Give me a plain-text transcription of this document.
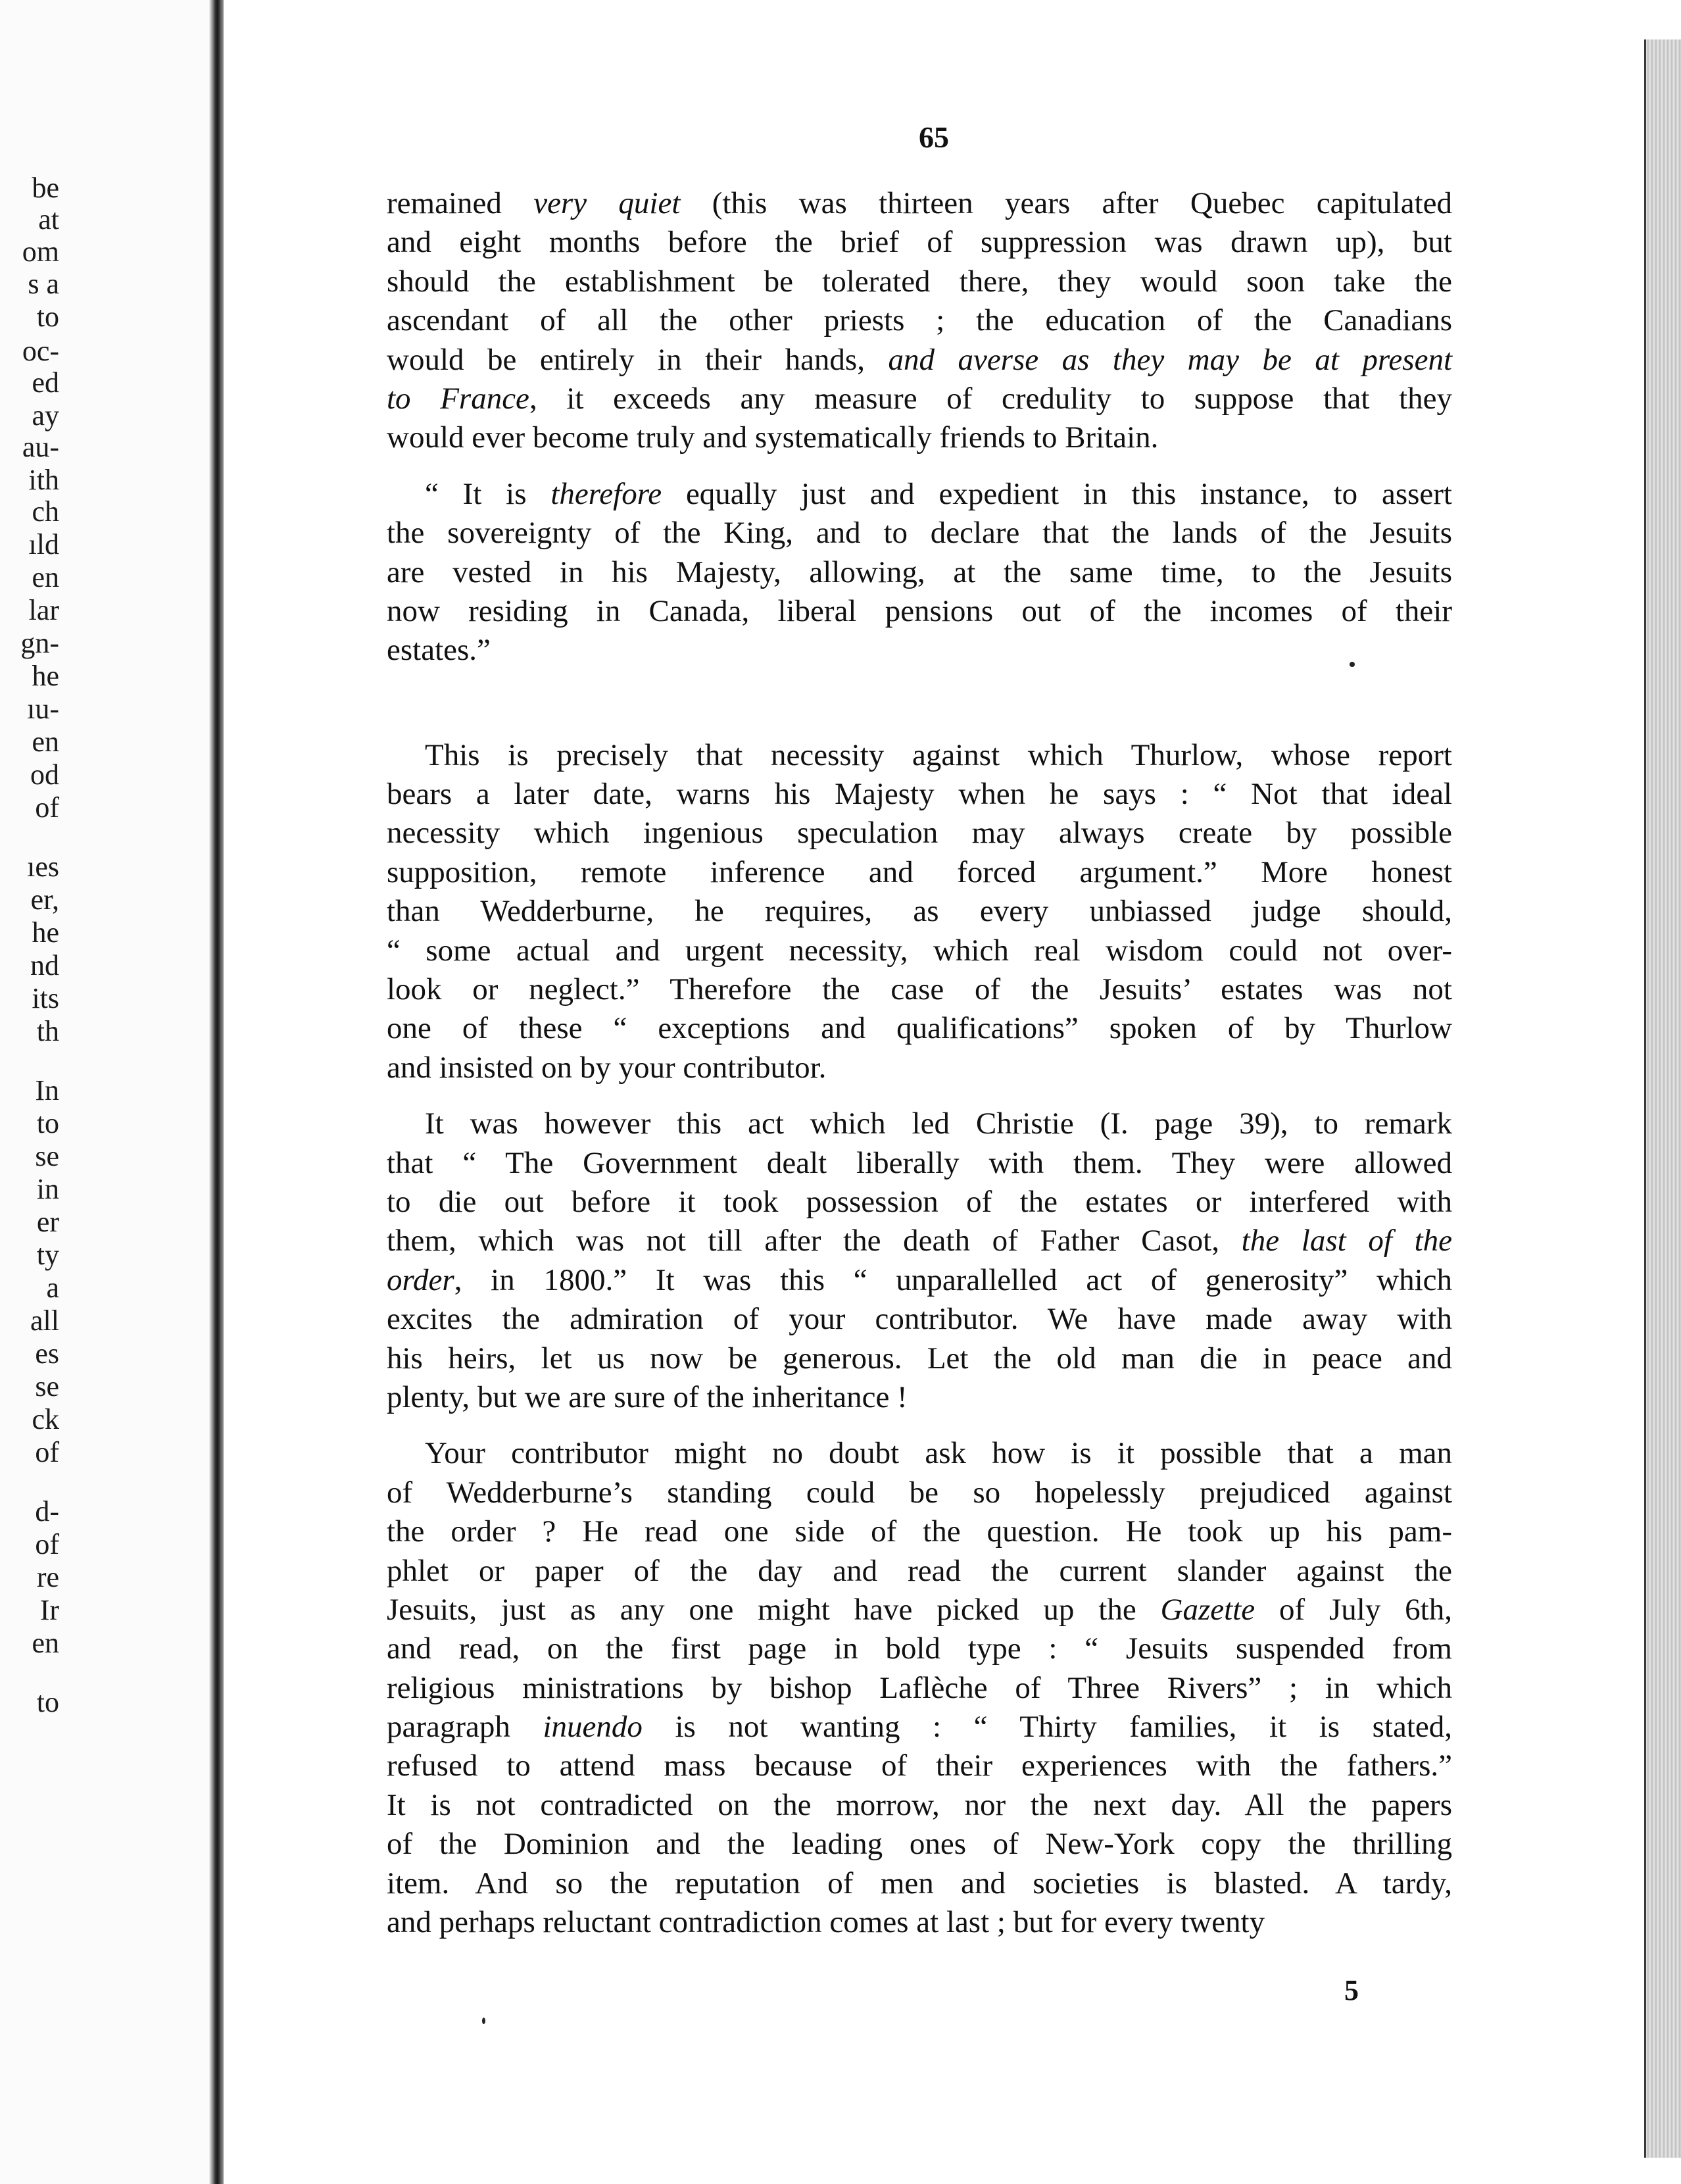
be
at
om
s a
to
oc-
ed
ay
au-
ith
ch
ıld
en
lar
gn-
he
ıu-
en
od
of
ıes
er,
he
nd
its
th
In
to
se
in
er
ty
a
all
es
se
ck
of
d-
of
re
Ir
en
to
65
remained very quiet (this was thirteen years after Quebec capitulated
and eight months before the brief of suppression was drawn up), but
should the establishment be tolerated there, they would soon take the
ascendant of all the other priests ; the education of the Canadians
would be entirely in their hands, and averse as they may be at present
to France, it exceeds any measure of credulity to suppose that they
would ever become truly and systematically friends to Britain.
“ It is therefore equally just and expedient in this instance, to assert
the sovereignty of the King, and to declare that the lands of the Jesuits
are vested in his Majesty, allowing, at the same time, to the Jesuits
now residing in Canada, liberal pensions out of the incomes of their
estates.”
This is precisely that necessity against which Thurlow, whose report
bears a later date, warns his Majesty when he says : “ Not that ideal
necessity which ingenious speculation may always create by possible
supposition, remote inference and forced argument.” More honest
than Wedderburne, he requires, as every unbiassed judge should,
“ some actual and urgent necessity, which real wisdom could not over-
look or neglect.” Therefore the case of the Jesuits’ estates was not
one of these “ exceptions and qualifications” spoken of by Thurlow
and insisted on by your contributor.
It was however this act which led Christie (I. page 39), to remark
that “ The Government dealt liberally with them. They were allowed
to die out before it took possession of the estates or interfered with
them, which was not till after the death of Father Casot, the last of the
order, in 1800.” It was this “ unparallelled act of generosity” which
excites the admiration of your contributor. We have made away with
his heirs, let us now be generous. Let the old man die in peace and
plenty, but we are sure of the inheritance !
Your contributor might no doubt ask how is it possible that a man
of Wedderburne’s standing could be so hopelessly prejudiced against
the order ? He read one side of the question. He took up his pam-
phlet or paper of the day and read the current slander against the
Jesuits, just as any one might have picked up the Gazette of July 6th,
and read, on the first page in bold type : “ Jesuits suspended from
religious ministrations by bishop Laflèche of Three Rivers” ; in which
paragraph inuendo is not wanting : “ Thirty families, it is stated,
refused to attend mass because of their experiences with the fathers.”
It is not contradicted on the morrow, nor the next day. All the papers
of the Dominion and the leading ones of New-York copy the thrilling
item. And so the reputation of men and societies is blasted. A tardy,
and perhaps reluctant contradiction comes at last ; but for every twenty
5
